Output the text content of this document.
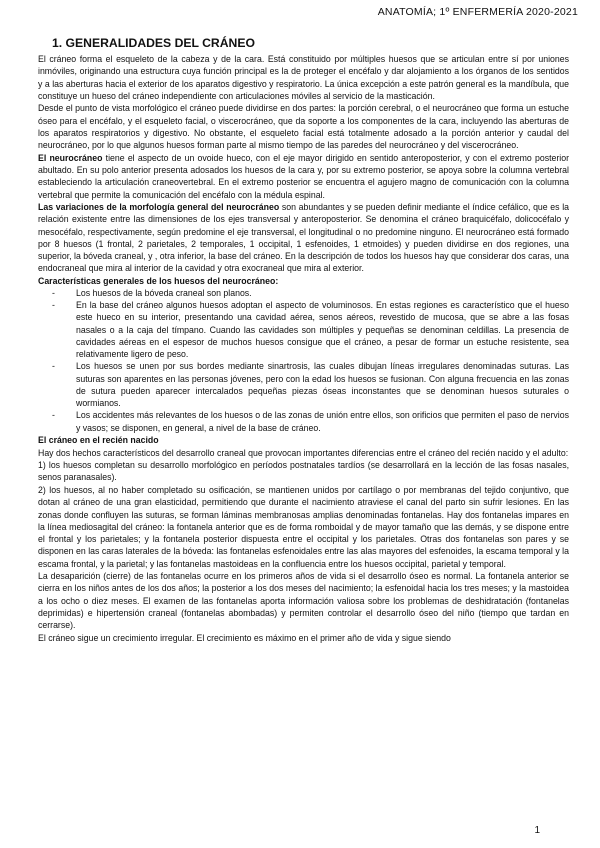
ANATOMÍA; 1º ENFERMERÍA 2020-2021
1. GENERALIDADES DEL CRÁNEO

El cráneo forma el esqueleto de la cabeza y de la cara. Está constituido por múltiples huesos que se articulan entre sí por uniones inmóviles, originando una estructura cuya función principal es la de proteger el encéfalo y dar alojamiento a los órganos de los sentidos y a las aberturas hacia el exterior de los aparatos digestivo y respiratorio. La única excepción a este patrón general es la mandíbula, que constituye un hueso del cráneo independiente con articulaciones móviles al servicio de la masticación.

Desde el punto de vista morfológico el cráneo puede dividirse en dos partes: la porción cerebral, o el neurocráneo que forma un estuche óseo para el encéfalo, y el esqueleto facial, o viscerocráneo, que da soporte a los componentes de la cara, incluyendo las aberturas de los aparatos respiratorios y digestivo. No obstante, el esqueleto facial está totalmente adosado a la porción anterior y caudal del neurocráneo, por lo que algunos huesos forman parte al mismo tiempo de las paredes del neurocráneo y del viscerocráneo.

El neurocráneo tiene el aspecto de un ovoide hueco, con el eje mayor dirigido en sentido anteroposterior, y con el extremo posterior abultado. En su polo anterior presenta adosados los huesos de la cara y, por su extremo posterior, se apoya sobre la columna vertebral estableciendo la articulación craneovertebral. En el extremo posterior se encuentra el agujero magno de comunicación con la columna vertebral que permite la comunicación del encéfalo con la médula espinal.

Las variaciones de la morfología general del neurocráneo son abundantes y se pueden definir mediante el índice cefálico, que es la relación existente entre las dimensiones de los ejes transversal y anteroposterior. Se denomina el cráneo braquicéfalo, dolicocéfalo y mesocéfalo, respectivamente, según predomine el eje transversal, el longitudinal o no predomine ninguno. El neurocráneo está formado por 8 huesos (1 frontal, 2 parietales, 2 temporales, 1 occipital, 1 esfenoides, 1 etmoides) y pueden dividirse en dos regiones, una superior, la bóveda craneal, y , otra inferior, la base del cráneo. En la descripción de todos los huesos hay que considerar dos caras, una endocraneal que mira al interior de la cavidad y otra exocraneal que mira al exterior.

Características generales de los huesos del neurocráneo:

- Los huesos de la bóveda craneal son planos.
- En la base del cráneo algunos huesos adoptan el aspecto de voluminosos. En estas regiones es característico que el hueso este hueco en su interior, presentando una cavidad aérea, senos aéreos, revestido de mucosa, que se abre a las fosas nasales o a la caja del tímpano. Cuando las cavidades son múltiples y pequeñas se denominan celdillas. La presencia de cavidades aéreas en el espesor de muchos huesos consigue que el cráneo, a pesar de formar un estuche resistente, sea relativamente ligero de peso.
- Los huesos se unen por sus bordes mediante sinartrosis, las cuales dibujan líneas irregulares denominadas suturas. Las suturas son aparentes en las personas jóvenes, pero con la edad los huesos se fusionan. Con alguna frecuencia en las zonas de sutura pueden aparecer intercalados pequeñas piezas óseas inconstantes que se denominan huesos suturales o wormianos.
- Los accidentes más relevantes de los huesos o de las zonas de unión entre ellos, son orificios que permiten el paso de nervios y vasos; se disponen, en general, a nivel de la base de cráneo.

El cráneo en el recién nacido

Hay dos hechos característicos del desarrollo craneal que provocan importantes diferencias entre el cráneo del recién nacido y el adulto:

1) los huesos completan su desarrollo morfológico en períodos postnatales tardíos (se desarrollará en la lección de las fosas nasales, senos paranasales).

2) los huesos, al no haber completado su osificación, se mantienen unidos por cartílago o por membranas del tejido conjuntivo, que dotan al cráneo de una gran elasticidad, permitiendo que durante el nacimiento atraviese el canal del parto sin sufrir lesiones. En las zonas donde confluyen las suturas, se forman láminas membranosas amplias denominadas fontanelas. Hay dos fontanelas impares en la línea mediosagital del cráneo: la fontanela anterior que es de forma romboidal y de mayor tamaño que las demás, y se dispone entre el frontal y los parietales; y la fontanela posterior dispuesta entre el occipital y los parietales. Otras dos fontanelas son pares y se disponen en las caras laterales de la bóveda: las fontanelas esfenoidales entre las alas mayores del esfenoides, la escama temporal y la escama frontal, y la parietal; y las fontanelas mastoideas en la confluencia entre los huesos occipital, parietal y temporal.

La desaparición (cierre) de las fontanelas ocurre en los primeros años de vida si el desarrollo óseo es normal. La fontanela anterior se cierra en los niños antes de los dos años; la posterior a los dos meses del nacimiento; la esfenoidal hacia los tres meses; y la mastoidea a los ocho o diez meses. El examen de las fontanelas aporta información valiosa sobre los problemas de deshidratación (fontanelas deprimidas) e hipertensión craneal (fontanelas abombadas) y permiten controlar el desarrollo óseo del niño (tiempo que tardan en cerrarse).

El cráneo sigue un crecimiento irregular. El crecimiento es máximo en el primer año de vida y sigue siendo

1
